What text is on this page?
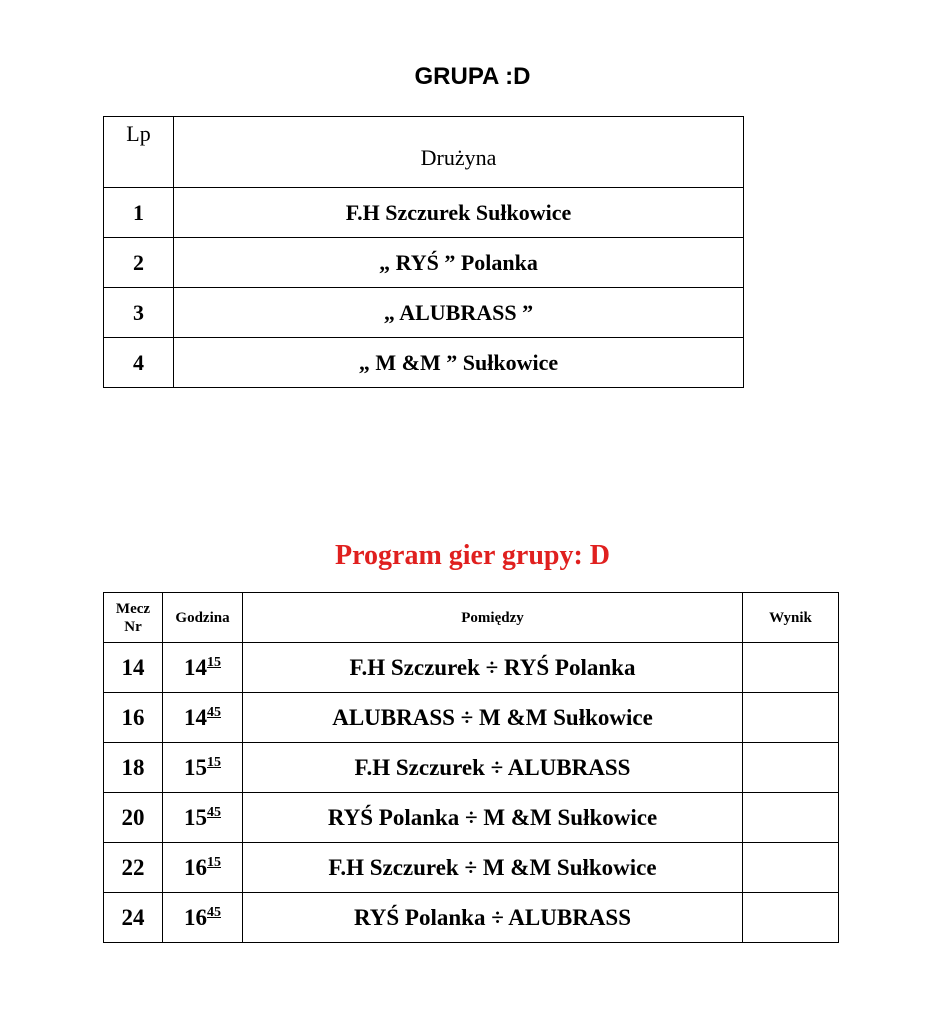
GRUPA :D
Lp	Drużyna
1	F.H Szczurek Sułkowice
2	„ RYŚ ” Polanka
3	„ ALUBRASS ”
4	„ M &M ” Sułkowice
Program gier grupy: D
Mecz
Nr	Godzina	Pomiędzy	Wynik
14	$14^{15}$	F.H Szczurek ÷ RYŚ Polanka	
16	$14^{45}$	ALUBRASS ÷ M &M Sułkowice	
18	$15^{15}$	F.H Szczurek ÷ ALUBRASS	
20	$15^{45}$	RYŚ Polanka ÷ M &M Sułkowice	
22	$16^{15}$	F.H Szczurek ÷ M &M Sułkowice	
24	$16^{45}$	RYŚ Polanka ÷ ALUBRASS	
